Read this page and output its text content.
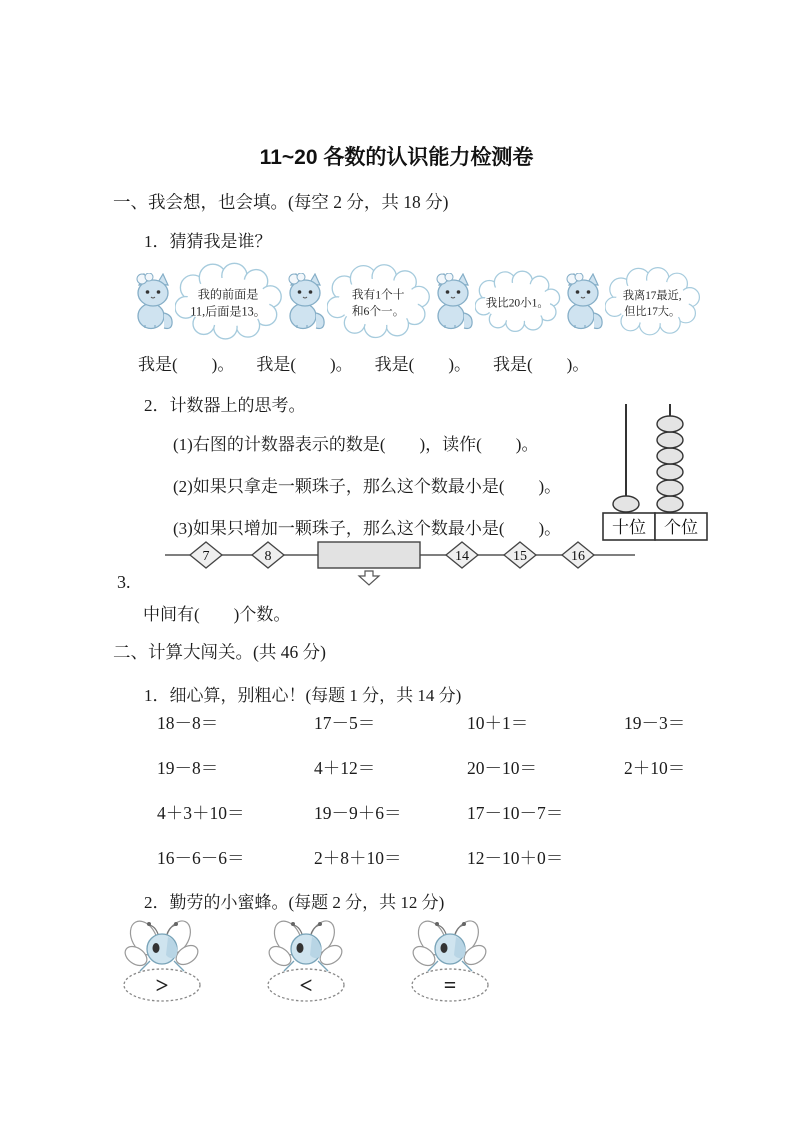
11~20 各数的认识能力检测卷
一、我会想，也会填。(每空 2 分，共 18 分)
1．猜猜我是谁？
我的前面是
11,后面是13。
我有1个十
和6个一。
我比20小1。
我离17最近,
但比17大。
我是(　　)。 我是(　　)。 我是(　　)。 我是(　　)。
2．计数器上的思考。
(1)右图的计数器表示的数是(　　)，读作(　　)。
(2)如果只拿走一颗珠子，那么这个数最小是(　　)。
(3)如果只增加一颗珠子，那么这个数最小是(　　)。	十位 个位
3.
7	8	14	15	16
中间有(　　)个数。
二、计算大闯关。(共 46 分)
1．细心算，别粗心！(每题 1 分，共 14 分)
18－8＝	17－5＝	10＋1＝	19－3＝
19－8＝	4＋12＝	20－10＝	2＋10＝
4＋3＋10＝	19－9＋6＝	17－10－7＝
16－6－6＝	2＋8＋10＝	12－10＋0＝
2．勤劳的小蜜蜂。(每题 2 分，共 12 分)
>	<	=
